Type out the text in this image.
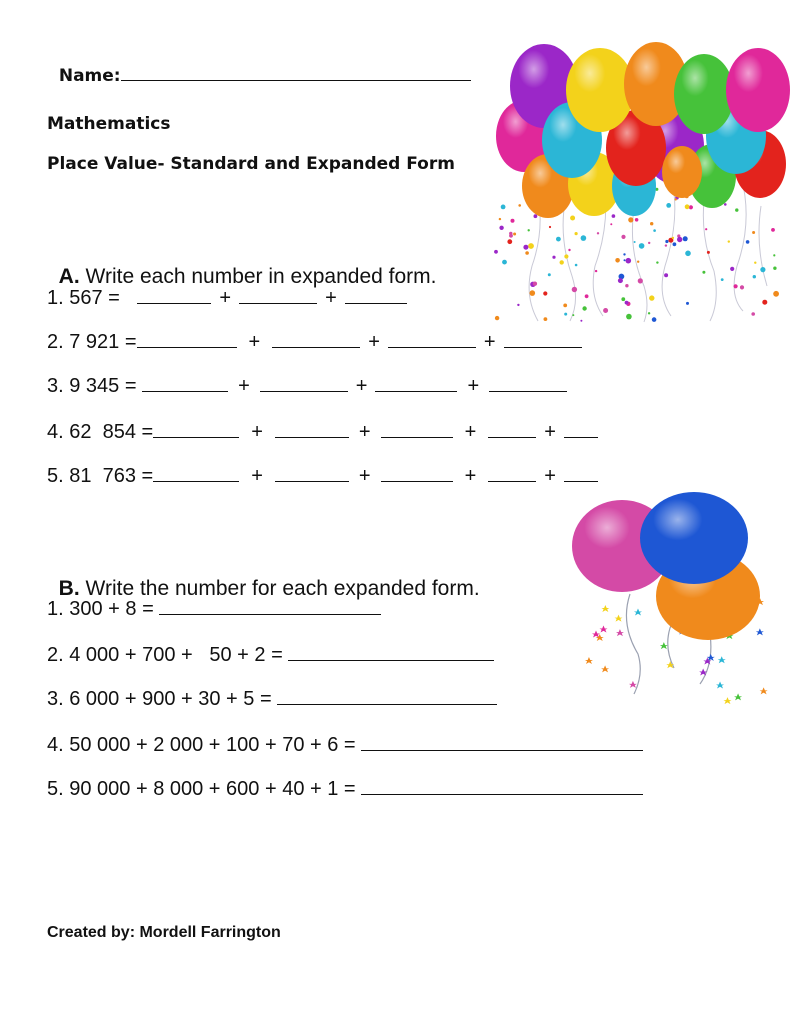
Name:

Mathematics
Place Value- Standard and Expanded Form

A. Write each number in expanded form.

1. 567 =	+	+
2. 7 921 =	+	+	+
3. 9 345 =	+	+	+
4. 62  854 =	+	+	+	+
5. 81  763 =	+	+	+	+

B. Write the number for each expanded form.

1. 300 + 8 =
2. 4 000 + 700 +   50 + 2 =
3. 6 000 + 900 + 30 + 5 =
4. 50 000 + 2 000 + 100 + 70 + 6 =
5. 90 000 + 8 000 + 600 + 40 + 1 =
Created by: Mordell Farrington
